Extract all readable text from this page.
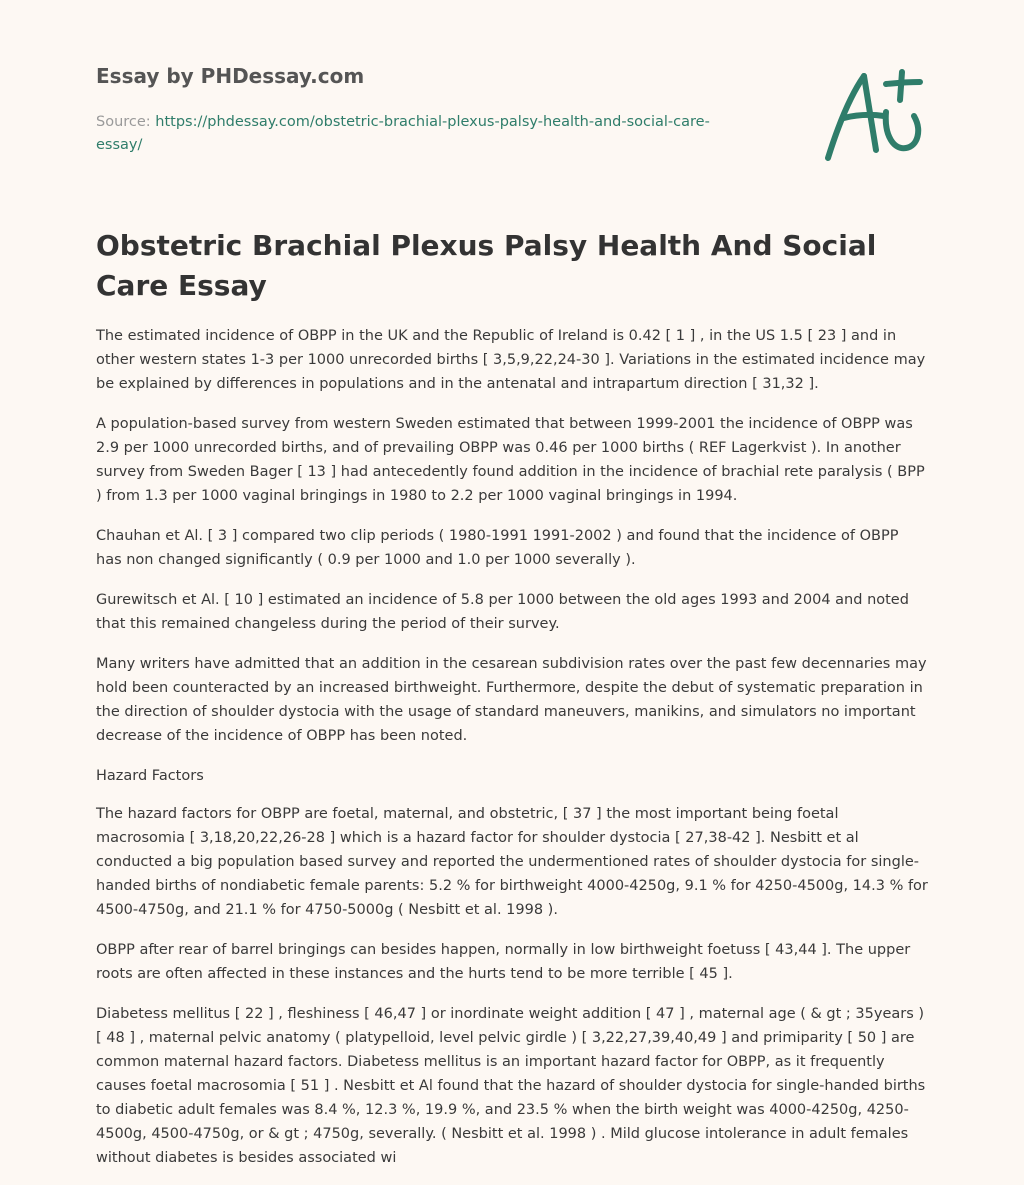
Essay by PHDessay.com
Source: https://phdessay.com/obstetric-brachial-plexus-palsy-health-and-social-care-essay/
Obstetric Brachial Plexus Palsy Health And Social Care Essay

The estimated incidence of OBPP in the UK and the Republic of Ireland is 0.42 [ 1 ] , in the US 1.5 [ 23 ] and in other western states 1-3 per 1000 unrecorded births [ 3,5,9,22,24-30 ]. Variations in the estimated incidence may be explained by differences in populations and in the antenatal and intrapartum direction [ 31,32 ].

A population-based survey from western Sweden estimated that between 1999-2001 the incidence of OBPP was 2.9 per 1000 unrecorded births, and of prevailing OBPP was 0.46 per 1000 births ( REF Lagerkvist ). In another survey from Sweden Bager [ 13 ] had antecedently found addition in the incidence of brachial rete paralysis ( BPP ) from 1.3 per 1000 vaginal bringings in 1980 to 2.2 per 1000 vaginal bringings in 1994.

Chauhan et Al. [ 3 ] compared two clip periods ( 1980-1991 1991-2002 ) and found that the incidence of OBPP has non changed significantly ( 0.9 per 1000 and 1.0 per 1000 severally ).

Gurewitsch et Al. [ 10 ] estimated an incidence of 5.8 per 1000 between the old ages 1993 and 2004 and noted that this remained changeless during the period of their survey.

Many writers have admitted that an addition in the cesarean subdivision rates over the past few decennaries may hold been counteracted by an increased birthweight. Furthermore, despite the debut of systematic preparation in the direction of shoulder dystocia with the usage of standard maneuvers, manikins, and simulators no important decrease of the incidence of OBPP has been noted.

Hazard Factors

The hazard factors for OBPP are foetal, maternal, and obstetric, [ 37 ] the most important being foetal macrosomia [ 3,18,20,22,26-28 ] which is a hazard factor for shoulder dystocia [ 27,38-42 ]. Nesbitt et al conducted a big population based survey and reported the undermentioned rates of shoulder dystocia for single-handed births of nondiabetic female parents: 5.2 % for birthweight 4000-4250g, 9.1 % for 4250-4500g, 14.3 % for 4500-4750g, and 21.1 % for 4750-5000g ( Nesbitt et al. 1998 ).

OBPP after rear of barrel bringings can besides happen, normally in low birthweight foetuss [ 43,44 ]. The upper roots are often affected in these instances and the hurts tend to be more terrible [ 45 ].

Diabetess mellitus [ 22 ] , fleshiness [ 46,47 ] or inordinate weight addition [ 47 ] , maternal age ( & gt ; 35years ) [ 48 ] , maternal pelvic anatomy ( platypelloid, level pelvic girdle ) [ 3,22,27,39,40,49 ] and primiparity [ 50 ] are common maternal hazard factors. Diabetess mellitus is an important hazard factor for OBPP, as it frequently causes foetal macrosomia [ 51 ] . Nesbitt et Al found that the hazard of shoulder dystocia for single-handed births to diabetic adult females was 8.4 %, 12.3 %, 19.9 %, and 23.5 % when the birth weight was 4000-4250g, 4250-4500g, 4500-4750g, or & gt ; 4750g, severally. ( Nesbitt et al. 1998 ) . Mild glucose intolerance in adult females without diabetes is besides associated wi
